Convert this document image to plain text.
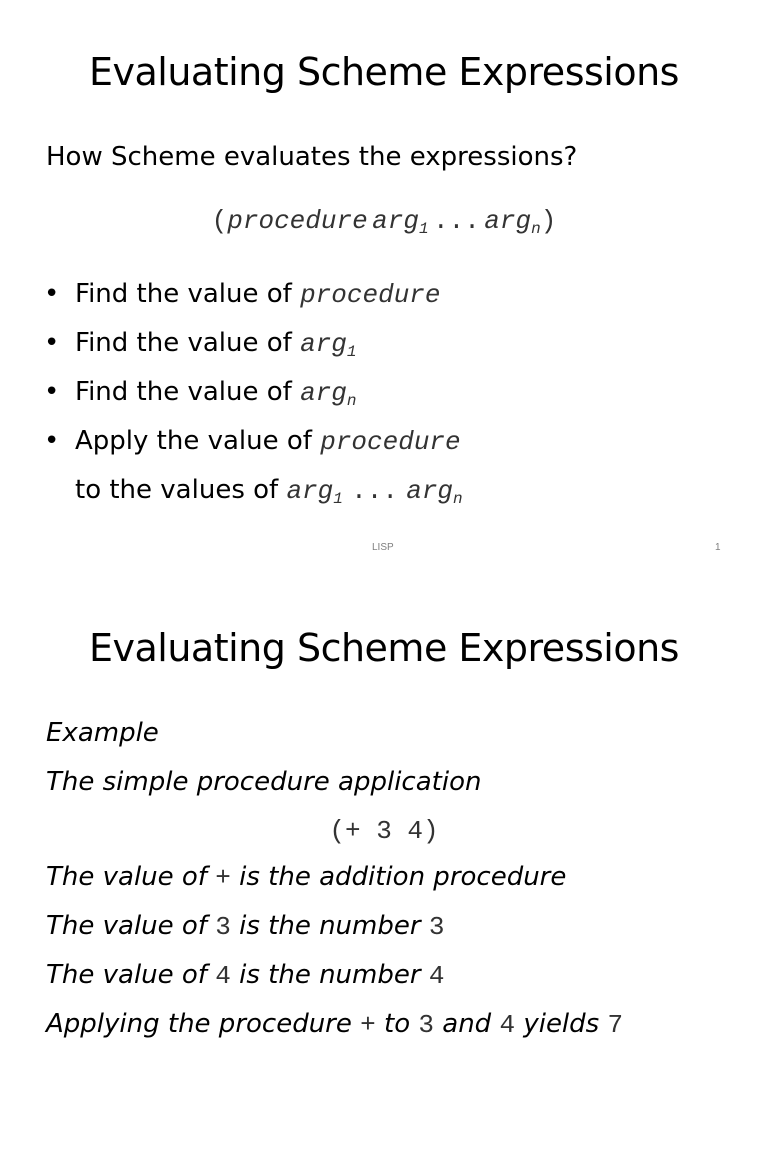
Evaluating Scheme Expressions
How Scheme evaluates the expressions?
(procedure arg$_1$ ... arg$_n$)
• Find the value of procedure
• Find the value of arg$_1$
• Find the value of arg$_n$
• Apply the value of procedure
to the values of arg$_1$ ... arg$_n$
LISP	1
Evaluating Scheme Expressions
Example
The simple procedure application
(+ 3 4)
The value of + is the addition procedure
The value of 3 is the number 3
The value of 4 is the number 4
Applying the procedure + to 3 and 4 yields 7
